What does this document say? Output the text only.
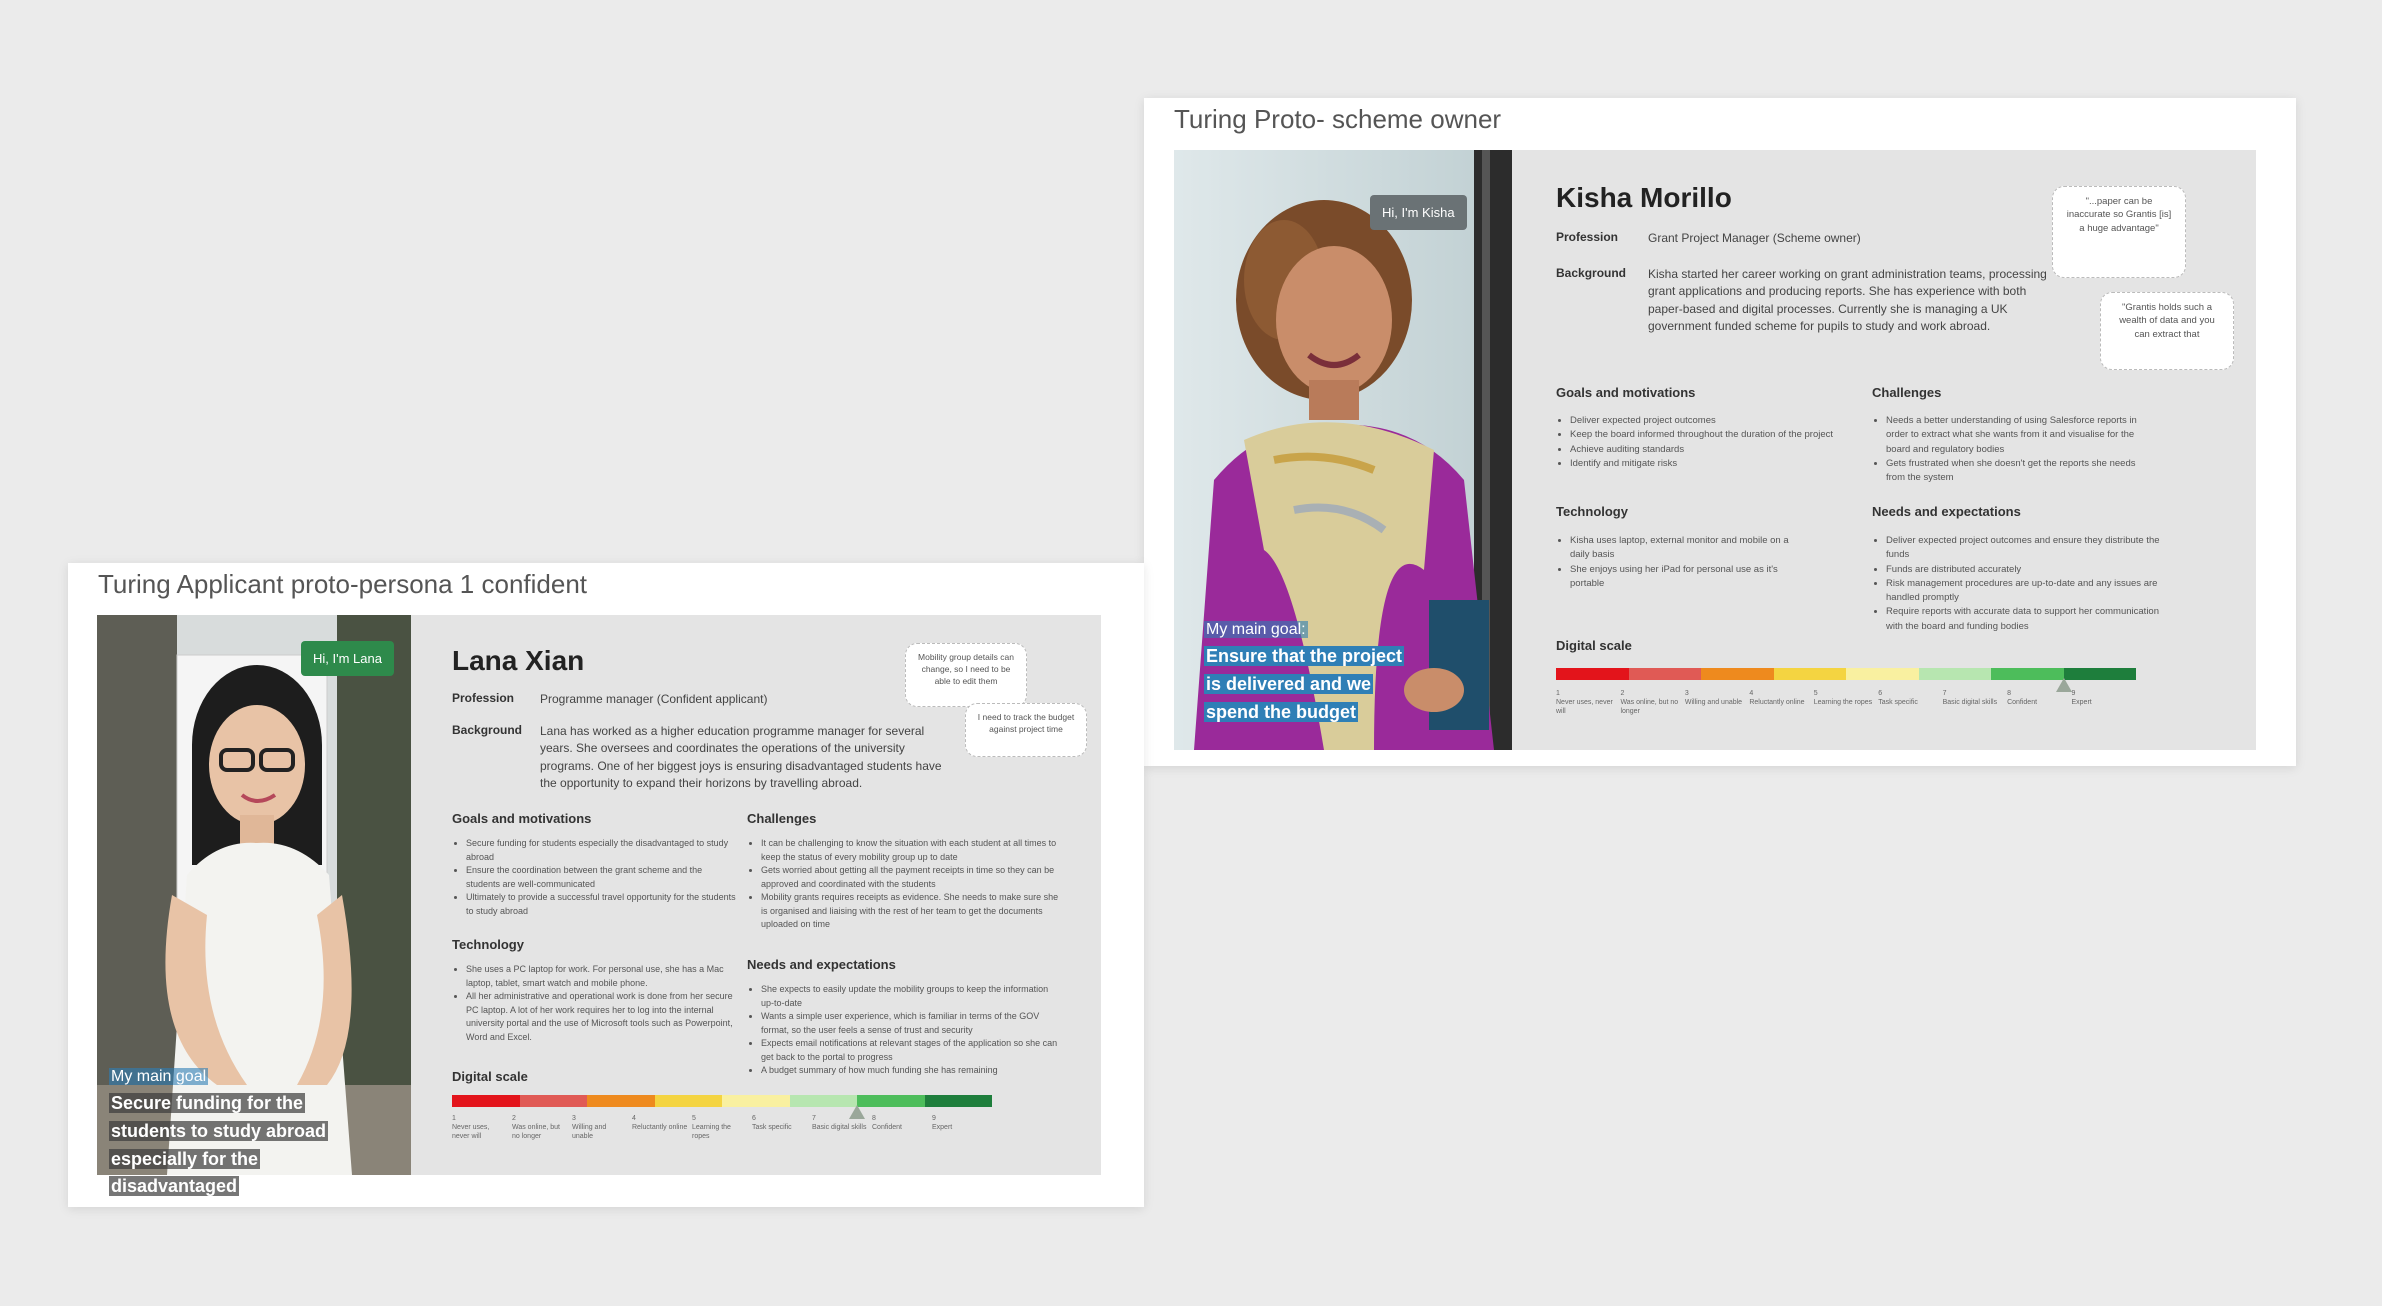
Turing Proto- scheme owner
Hi, I'm Kisha
My main goal:
Ensure that the project is delivered and we spend the budget
Kisha Morillo
Profession Grant Project Manager (Scheme owner)
Background Kisha started her career working on grant administration teams, processing grant applications and producing reports. She has experience with both paper-based and digital processes. Currently she is managing a UK government funded scheme for pupils to study and work abroad.
"...paper can be inaccurate so Grantis [is] a huge advantage"
"Grantis holds such a wealth of data and you can extract that
Goals and motivations
• Deliver expected project outcomes
• Keep the board informed throughout the duration of the project
• Achieve auditing standards
• Identify and mitigate risks
Challenges
• Needs a better understanding of using Salesforce reports in order to extract what she wants from it and visualise for the board and regulatory bodies
• Gets frustrated when she doesn't get the reports she needs from the system
Technology
• Kisha uses laptop, external monitor and mobile on a daily basis
• She enjoys using her iPad for personal use as it's portable
Needs and expectations
• Deliver expected project outcomes and ensure they distribute the funds
• Funds are distributed accurately
• Risk management procedures are up-to-date and any issues are handled promptly
• Require reports with accurate data to support her communication with the board and funding bodies
Digital scale
1
Never uses, never will
2
Was online, but no longer
3
Willing and unable
4
Reluctantly online
5
Learning the ropes
6
Task specific
7
Basic digital skills
8
Confident
9
Expert
Turing Applicant proto-persona 1 confident
Hi, I'm Lana
My main goal
Secure funding for the students to study abroad especially for the disadvantaged
Lana Xian
Profession Programme manager (Confident applicant)
Background Lana has worked as a higher education programme manager for several years. She oversees and coordinates the operations of the university programs. One of her biggest joys is ensuring disadvantaged students have the opportunity to expand their horizons by travelling abroad.
Mobility group details can change, so I need to be able to edit them
I need to track the budget against project time
Goals and motivations
• Secure funding for students especially the disadvantaged to study abroad
• Ensure the coordination between the grant scheme and the students are well-communicated
• Ultimately to provide a successful travel opportunity for the students to study abroad
Challenges
• It can be challenging to know the situation with each student at all times to keep the status of every mobility group up to date
• Gets worried about getting all the payment receipts in time so they can be approved and coordinated with the students
• Mobility grants requires receipts as evidence. She needs to make sure she is organised and liaising with the rest of her team to get the documents uploaded on time
Technology
• She uses a PC laptop for work. For personal use, she has a Mac laptop, tablet, smart watch and mobile phone.
• All her administrative and operational work is done from her secure PC laptop. A lot of her work requires her to log into the internal university portal and the use of Microsoft tools such as Powerpoint, Word and Excel.
Needs and expectations
• She expects to easily update the mobility groups to keep the information up-to-date
• Wants a simple user experience, which is familiar in terms of the GOV format, so the user feels a sense of trust and security
• Expects email notifications at relevant stages of the application so she can get back to the portal to progress
• A budget summary of how much funding she has remaining
Digital scale
1
Never uses, never will
2
Was online, but no longer
3
Willing and unable
4
Reluctantly online
5
Learning the ropes
6
Task specific
7
Basic digital skills
8
Confident
9
Expert
